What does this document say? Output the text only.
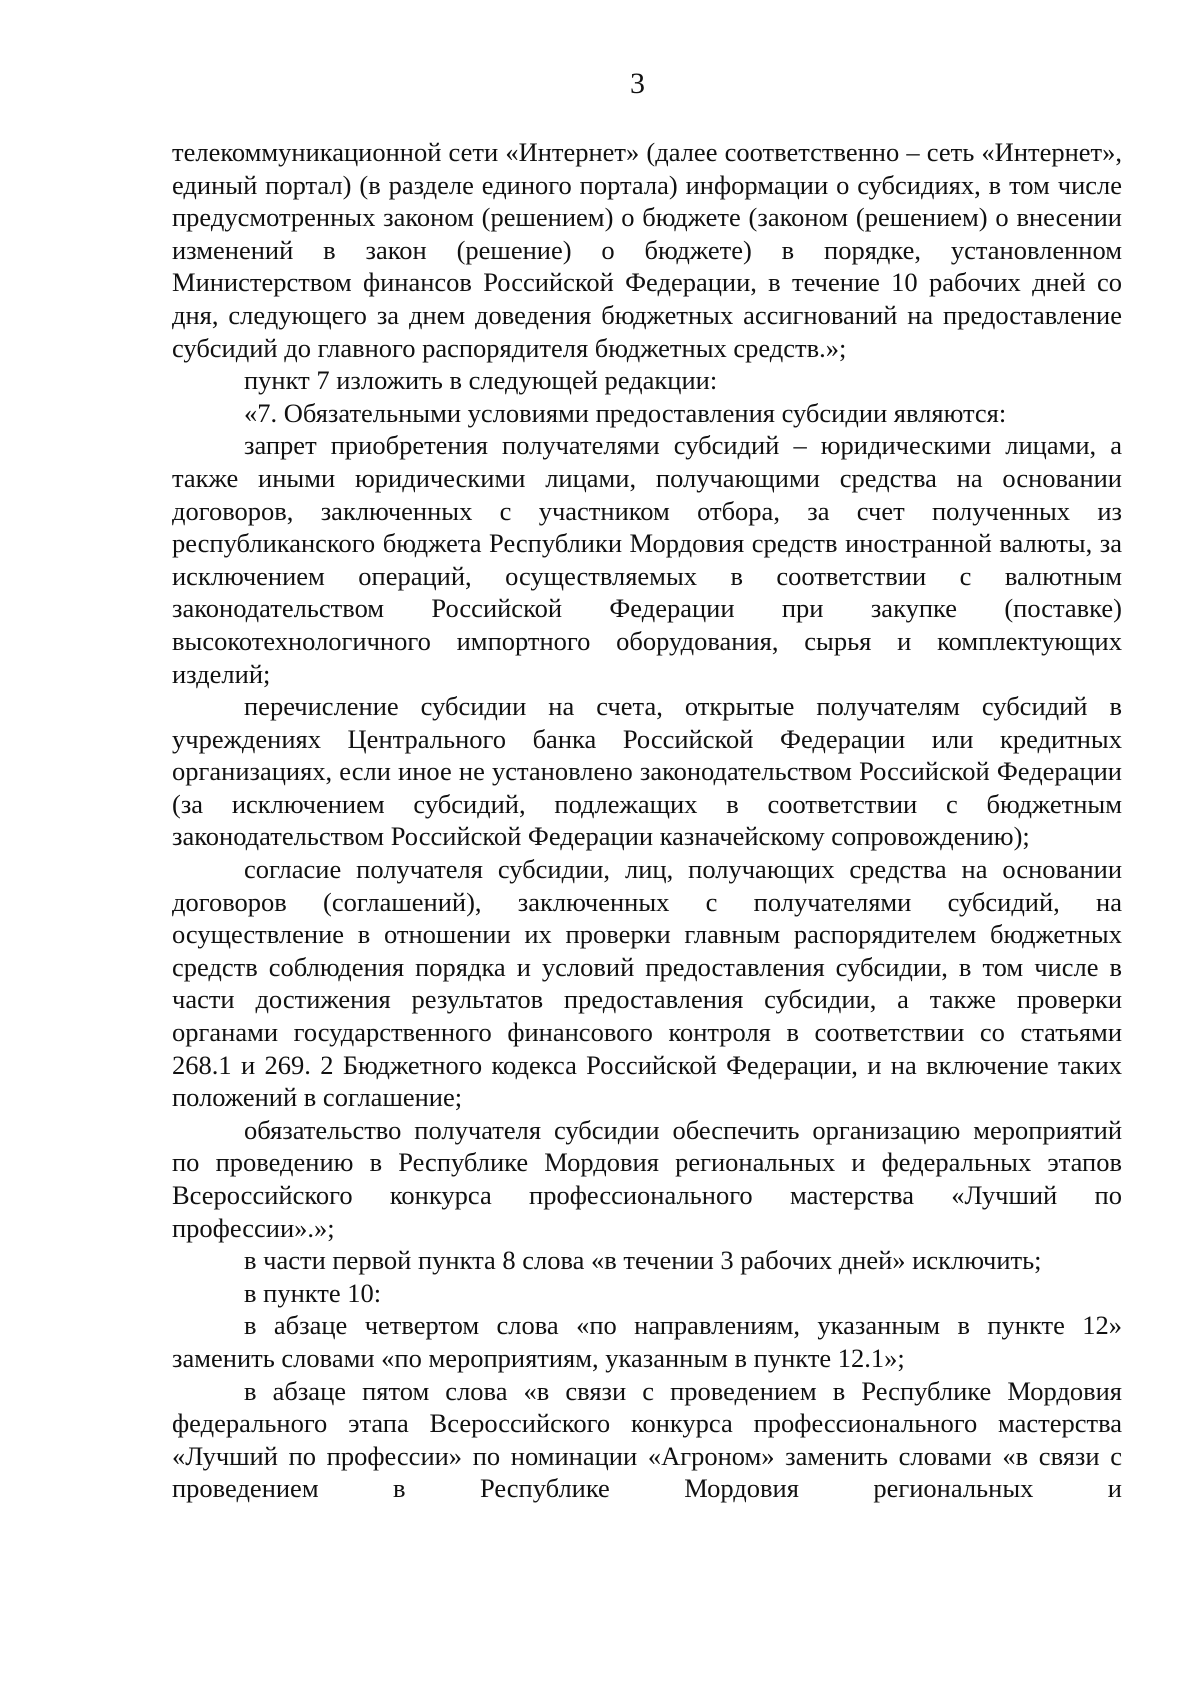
3

телекоммуникационной сети «Интернет» (далее соответственно – сеть «Интернет», единый портал) (в разделе единого портала) информации о субсидиях, в том числе предусмотренных законом (решением) о бюджете (законом (решением) о внесении изменений в закон (решение) о бюджете) в порядке, установленном Министерством финансов Российской Федерации, в течение 10 рабочих дней со дня, следующего за днем доведения бюджетных ассигнований на предоставление субсидий до главного распорядителя бюджетных средств.»;

пункт 7 изложить в следующей редакции:

«7. Обязательными условиями предоставления субсидии являются:

запрет приобретения получателями субсидий – юридическими лицами, а также иными юридическими лицами, получающими средства на основании договоров, заключенных с участником отбора, за счет полученных из республиканского бюджета Республики Мордовия средств иностранной валюты, за исключением операций, осуществляемых в соответствии с валютным законодательством Российской Федерации при закупке (поставке) высокотехнологичного импортного оборудования, сырья и комплектующих изделий;

перечисление субсидии на счета, открытые получателям субсидий в учреждениях Центрального банка Российской Федерации или кредитных организациях, если иное не установлено законодательством Российской Федерации (за исключением субсидий, подлежащих в соответствии с бюджетным законодательством Российской Федерации казначейскому сопровождению);

согласие получателя субсидии, лиц, получающих средства на основании договоров (соглашений), заключенных с получателями субсидий, на осуществление в отношении их проверки главным распорядителем бюджетных средств соблюдения порядка и условий предоставления субсидии, в том числе в части достижения результатов предоставления субсидии, а также проверки органами государственного финансового контроля в соответствии со статьями 268.1 и 269. 2 Бюджетного кодекса Российской Федерации, и на включение таких положений в соглашение;

обязательство получателя субсидии обеспечить организацию мероприятий по проведению в Республике Мордовия региональных и федеральных этапов Всероссийского конкурса профессионального мастерства «Лучший по профессии».»;

в части первой пункта 8 слова «в течении 3 рабочих дней» исключить;

в пункте 10:

в абзаце четвертом слова «по направлениям, указанным в пункте 12» заменить словами «по мероприятиям, указанным в пункте 12.1»;

в абзаце пятом слова «в связи с проведением в Республике Мордовия федерального этапа Всероссийского конкурса профессионального мастерства «Лучший по профессии» по номинации «Агроном» заменить словами «в связи с проведением в Республике Мордовия региональных и
